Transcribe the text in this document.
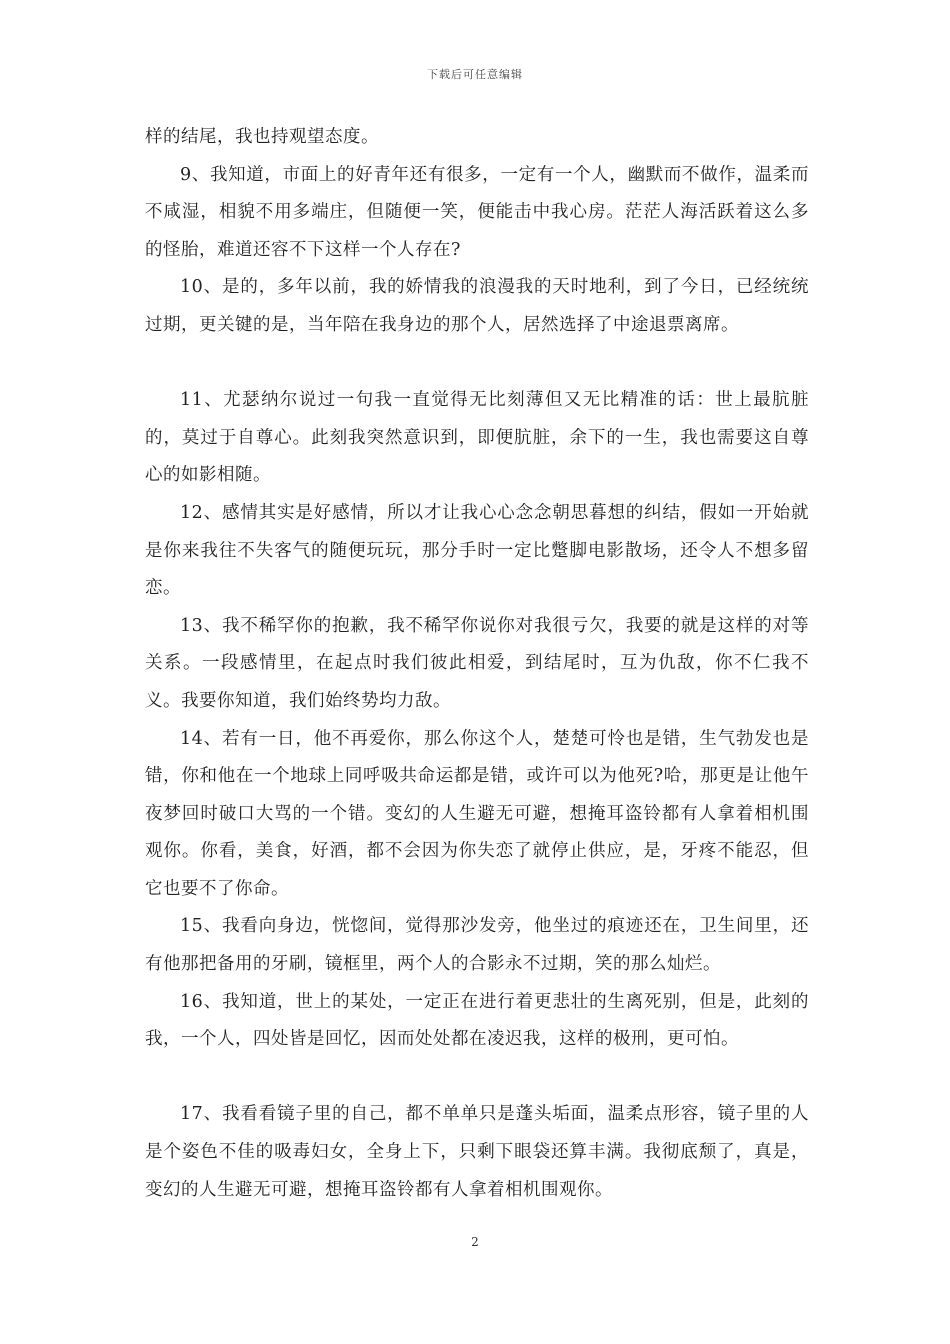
下载后可任意编辑

样的结尾，我也持观望态度。

9、我知道，市面上的好青年还有很多，一定有一个人，幽默而不做作，温柔而不咸湿，相貌不用多端庄，但随便一笑，便能击中我心房。茫茫人海活跃着这么多的怪胎，难道还容不下这样一个人存在?

10、是的，多年以前，我的娇情我的浪漫我的天时地利，到了今日，已经统统过期，更关键的是，当年陪在我身边的那个人，居然选择了中途退票离席。

11、尤瑟纳尔说过一句我一直觉得无比刻薄但又无比精准的话：世上最肮脏的，莫过于自尊心。此刻我突然意识到，即便肮脏，余下的一生，我也需要这自尊心的如影相随。

12、感情其实是好感情，所以才让我心心念念朝思暮想的纠结，假如一开始就是你来我往不失客气的随便玩玩，那分手时一定比蹩脚电影散场，还令人不想多留恋。

13、我不稀罕你的抱歉，我不稀罕你说你对我很亏欠，我要的就是这样的对等关系。一段感情里，在起点时我们彼此相爱，到结尾时，互为仇敌，你不仁我不义。我要你知道，我们始终势均力敌。

14、若有一日，他不再爱你，那么你这个人，楚楚可怜也是错，生气勃发也是错，你和他在一个地球上同呼吸共命运都是错，或许可以为他死?哈，那更是让他午夜梦回时破口大骂的一个错。变幻的人生避无可避，想掩耳盗铃都有人拿着相机围观你。你看，美食，好酒，都不会因为你失恋了就停止供应，是，牙疼不能忍，但它也要不了你命。

15、我看向身边，恍惚间，觉得那沙发旁，他坐过的痕迹还在，卫生间里，还有他那把备用的牙刷，镜框里，两个人的合影永不过期，笑的那么灿烂。

16、我知道，世上的某处，一定正在进行着更悲壮的生离死别，但是，此刻的我，一个人，四处皆是回忆，因而处处都在凌迟我，这样的极刑，更可怕。

17、我看看镜子里的自己，都不单单只是蓬头垢面，温柔点形容，镜子里的人是个姿色不佳的吸毒妇女，全身上下，只剩下眼袋还算丰满。我彻底颓了，真是，变幻的人生避无可避，想掩耳盗铃都有人拿着相机围观你。

2
